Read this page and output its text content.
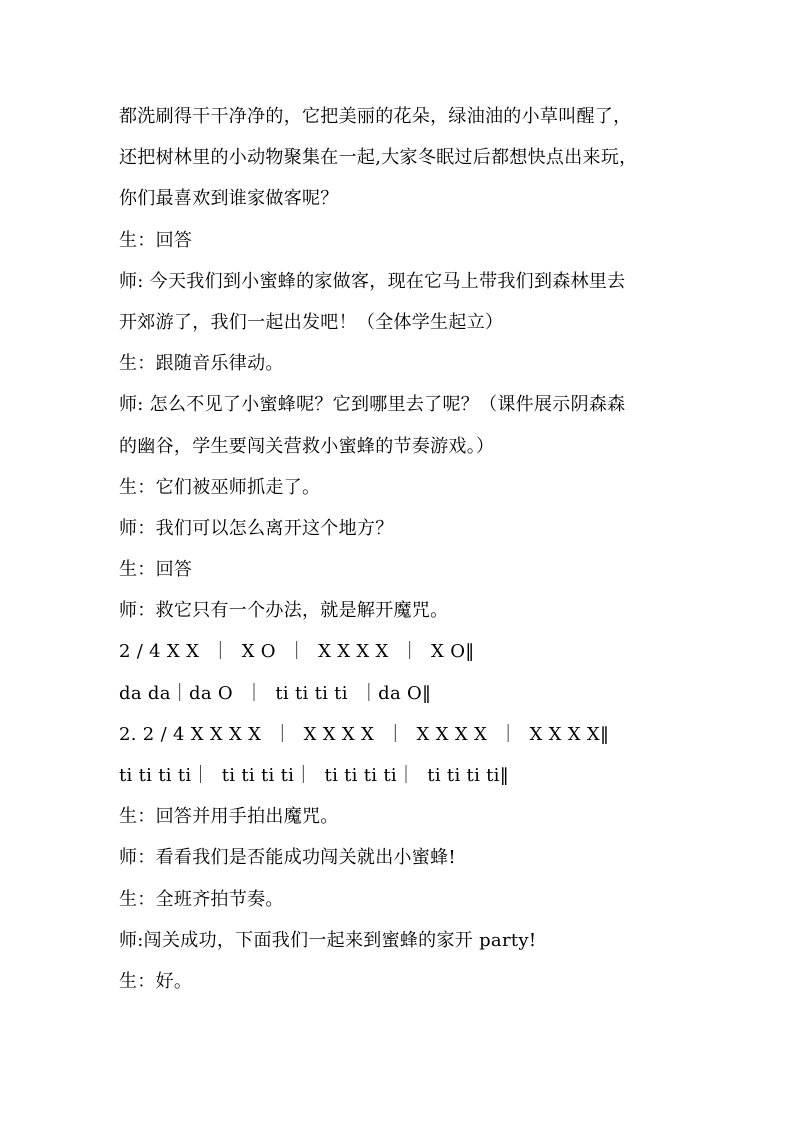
都洗刷得干干净净的，它把美丽的花朵，绿油油的小草叫醒了，
还把树林里的小动物聚集在一起,大家冬眠过后都想快点出来玩，
你们最喜欢到谁家做客呢？
生：回答
师: 今天我们到小蜜蜂的家做客，现在它马上带我们到森林里去
开郊游了，我们一起出发吧！（全体学生起立）
生：跟随音乐律动。
师: 怎么不见了小蜜蜂呢？它到哪里去了呢？（课件展示阴森森
的幽谷，学生要闯关营救小蜜蜂的节奏游戏。）
生：它们被巫师抓走了。
师：我们可以怎么离开这个地方？
生：回答
师：救它只有一个办法，就是解开魔咒。
2 / 4 X X  ｜  X O  ｜  X X X X  ｜  X O‖
da da｜da O  ｜  ti ti ti ti  ｜da O‖
2. 2 / 4 X X X X  ｜  X X X X  ｜  X X X X  ｜  X X X X‖
ti ti ti ti｜  ti ti ti ti｜  ti ti ti ti｜  ti ti ti ti‖
生：回答并用手拍出魔咒。
师：看看我们是否能成功闯关就出小蜜蜂!
生：全班齐拍节奏。
师:闯关成功，下面我们一起来到蜜蜂的家开 party!
生：好。
